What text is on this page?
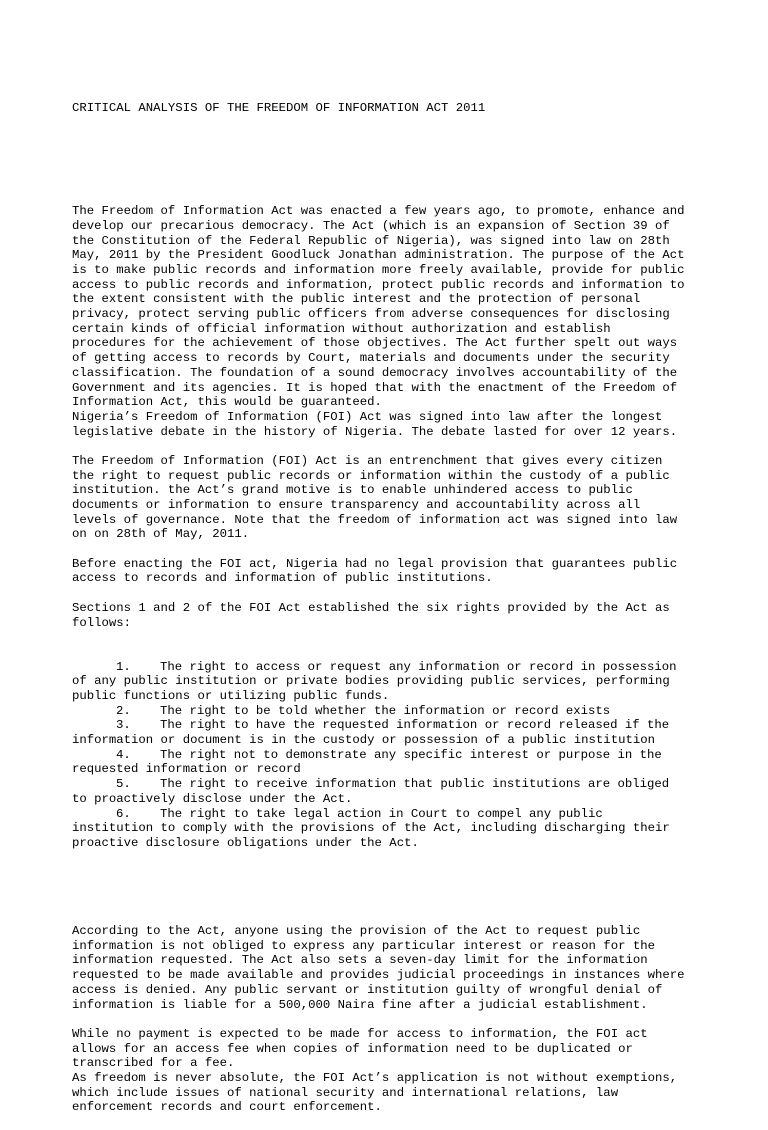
CRITICAL ANALYSIS OF THE FREEDOM OF INFORMATION ACT 2011

The Freedom of Information Act was enacted a few years ago, to promote, enhance and
develop our precarious democracy. The Act (which is an expansion of Section 39 of
the Constitution of the Federal Republic of Nigeria), was signed into law on 28th
May, 2011 by the President Goodluck Jonathan administration. The purpose of the Act
is to make public records and information more freely available, provide for public
access to public records and information, protect public records and information to
the extent consistent with the public interest and the protection of personal
privacy, protect serving public officers from adverse consequences for disclosing
certain kinds of official information without authorization and establish
procedures for the achievement of those objectives. The Act further spelt out ways
of getting access to records by Court, materials and documents under the security
classification. The foundation of a sound democracy involves accountability of the
Government and its agencies. It is hoped that with the enactment of the Freedom of
Information Act, this would be guaranteed.
Nigeria’s Freedom of Information (FOI) Act was signed into law after the longest
legislative debate in the history of Nigeria. The debate lasted for over 12 years.
The Freedom of Information (FOI) Act is an entrenchment that gives every citizen
the right to request public records or information within the custody of a public
institution. the Act’s grand motive is to enable unhindered access to public
documents or information to ensure transparency and accountability across all
levels of governance. Note that the freedom of information act was signed into law
on on 28th of May, 2011.
Before enacting the FOI act, Nigeria had no legal provision that guarantees public
access to records and information of public institutions.
Sections 1 and 2 of the FOI Act established the six rights provided by the Act as
follows:

1. The right to access or request any information or record in possession
of any public institution or private bodies providing public services, performing
public functions or utilizing public funds.
2. The right to be told whether the information or record exists
3. The right to have the requested information or record released if the
information or document is in the custody or possession of a public institution
4. The right not to demonstrate any specific interest or purpose in the
requested information or record
5. The right to receive information that public institutions are obliged
to proactively disclose under the Act.
6. The right to take legal action in Court to compel any public
institution to comply with the provisions of the Act, including discharging their
proactive disclosure obligations under the Act.

According to the Act, anyone using the provision of the Act to request public
information is not obliged to express any particular interest or reason for the
information requested. The Act also sets a seven-day limit for the information
requested to be made available and provides judicial proceedings in instances where
access is denied. Any public servant or institution guilty of wrongful denial of
information is liable for a 500,000 Naira fine after a judicial establishment.
While no payment is expected to be made for access to information, the FOI act
allows for an access fee when copies of information need to be duplicated or
transcribed for a fee.
As freedom is never absolute, the FOI Act’s application is not without exemptions,
which include issues of national security and international relations, law
enforcement records and court enforcement.
